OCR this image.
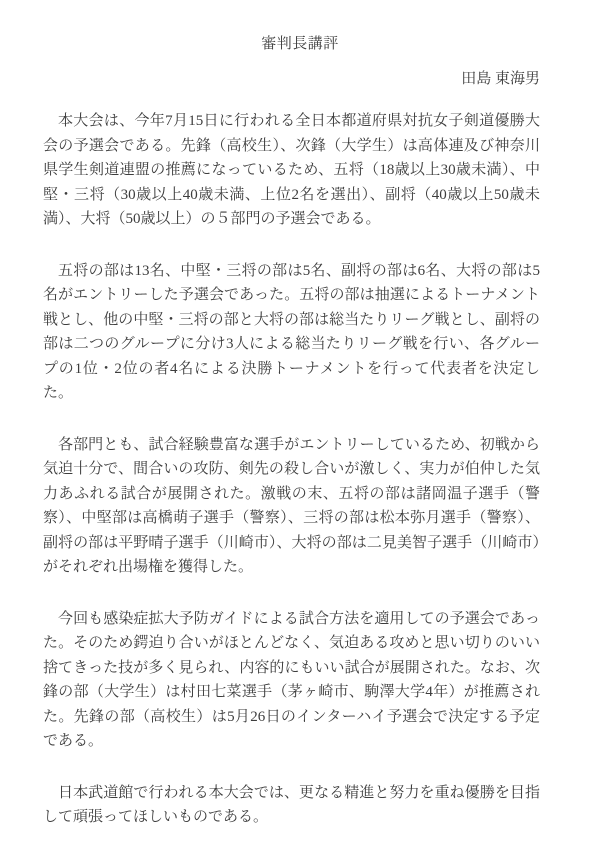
審判長講評
田島 東海男

本大会は、今年7月15日に行われる全日本都道府県対抗女子剣道優勝大会の予選会である。先鋒（高校生）、次鋒（大学生）は高体連及び神奈川県学生剣道連盟の推薦になっているため、五将（18歳以上30歳未満）、中堅・三将（30歳以上40歳未満、上位2名を選出）、副将（40歳以上50歳未満）、大将（50歳以上）の５部門の予選会である。

五将の部は13名、中堅・三将の部は5名、副将の部は6名、大将の部は5名がエントリーした予選会であった。五将の部は抽選によるトーナメント戦とし、他の中堅・三将の部と大将の部は総当たりリーグ戦とし、副将の部は二つのグループに分け3人による総当たりリーグ戦を行い、各グループの1位・2位の者4名による決勝トーナメントを行って代表者を決定した。

各部門とも、試合経験豊富な選手がエントリーしているため、初戦から気迫十分で、間合いの攻防、剣先の殺し合いが激しく、実力が伯仲した気力あふれる試合が展開された。激戦の末、五将の部は諸岡温子選手（警察）、中堅部は高橋萌子選手（警察）、三将の部は松本弥月選手（警察）、副将の部は平野晴子選手（川崎市）、大将の部は二見美智子選手（川崎市）がそれぞれ出場権を獲得した。

今回も感染症拡大予防ガイドによる試合方法を適用しての予選会であった。そのため鍔迫り合いがほとんどなく、気迫ある攻めと思い切りのいい捨てきった技が多く見られ、内容的にもいい試合が展開された。なお、次鋒の部（大学生）は村田七菜選手（茅ヶ崎市、駒澤大学4年）が推薦された。先鋒の部（高校生）は5月26日のインターハイ予選会で決定する予定である。

日本武道館で行われる本大会では、更なる精進と努力を重ね優勝を目指して頑張ってほしいものである。
